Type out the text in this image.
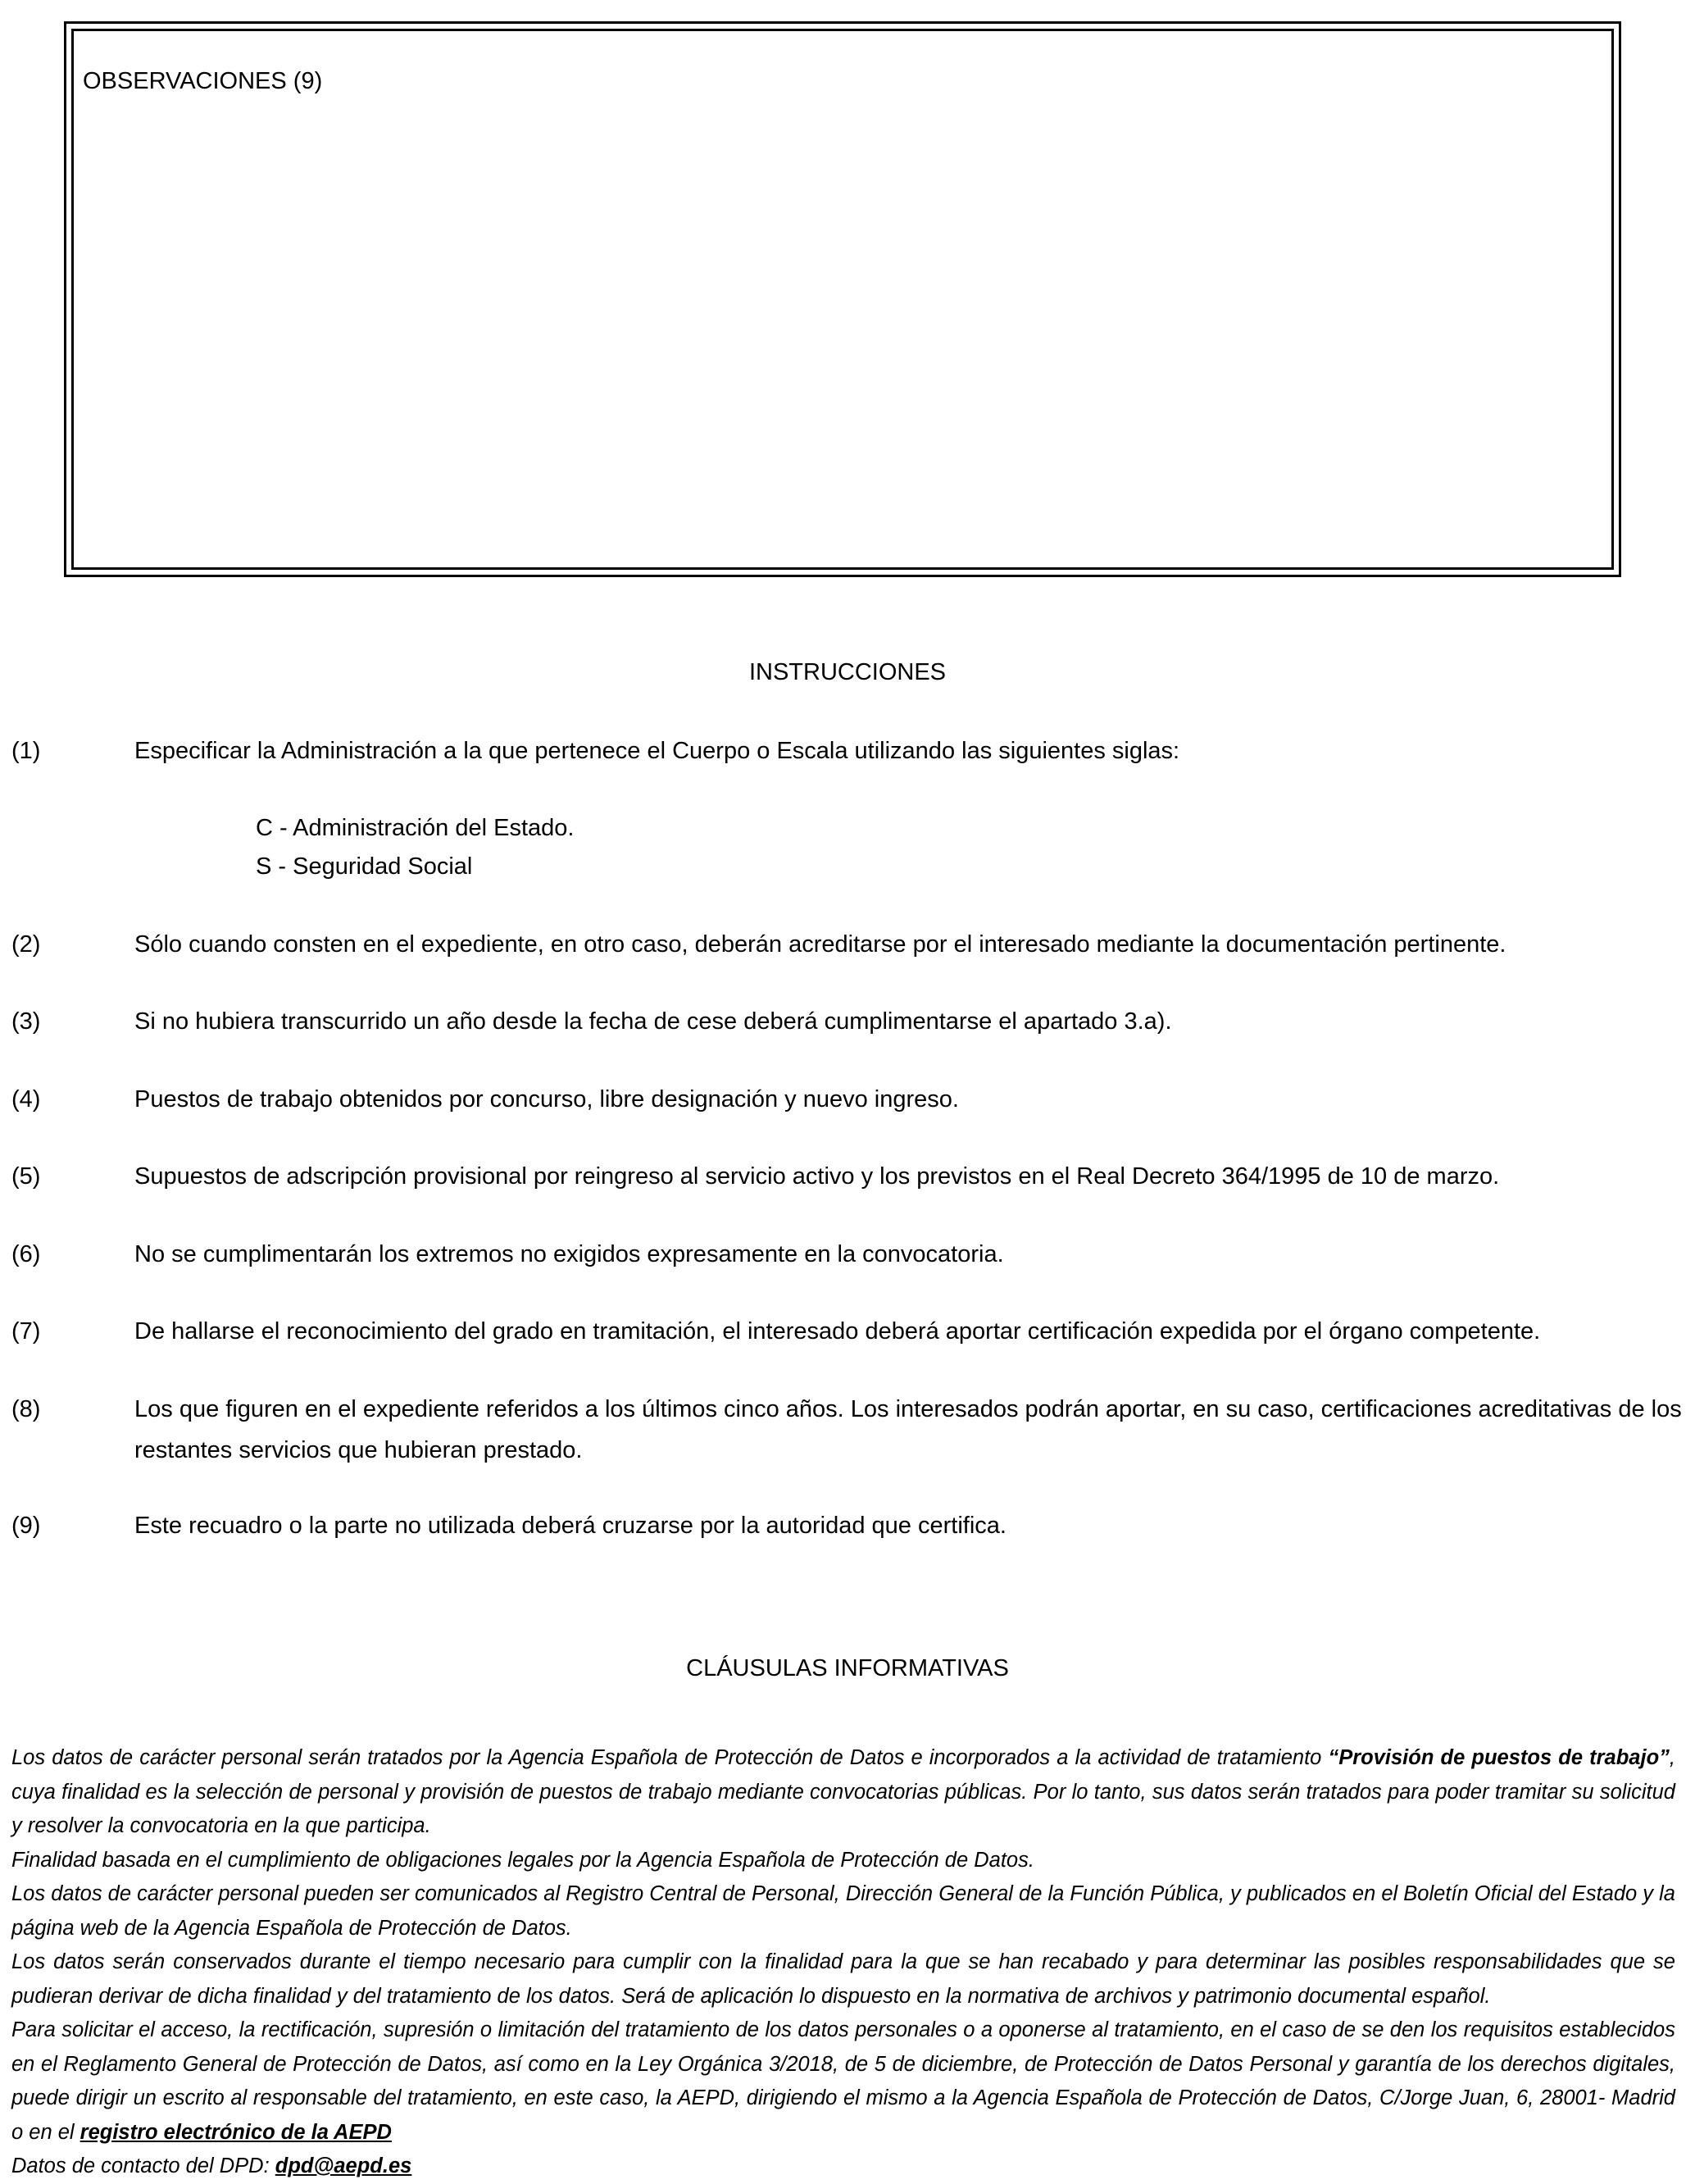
OBSERVACIONES (9)
INSTRUCCIONES
(1)	Especificar la Administración a la que pertenece el Cuerpo o Escala utilizando las siguientes siglas:
C - Administración del Estado.
S - Seguridad Social
(2)	Sólo cuando consten en el expediente, en otro caso, deberán acreditarse por el interesado mediante la documentación pertinente.
(3)	Si no hubiera transcurrido un año desde la fecha de cese deberá cumplimentarse el apartado 3.a).
(4)	Puestos de trabajo obtenidos por concurso, libre designación y nuevo ingreso.
(5)	Supuestos de adscripción provisional por reingreso al servicio activo y los previstos en el Real Decreto 364/1995 de 10 de marzo.
(6)	No se cumplimentarán los extremos no exigidos expresamente en la convocatoria.
(7)	De hallarse el reconocimiento del grado en tramitación, el interesado deberá aportar certificación expedida por el órgano competente.
(8)	Los que figuren en el expediente referidos a los últimos cinco años. Los interesados podrán aportar, en su caso, certificaciones acreditativas de los restantes servicios que hubieran prestado.
(9)	Este recuadro o la parte no utilizada deberá cruzarse por la autoridad que certifica.
CLÁUSULAS INFORMATIVAS

Los datos de carácter personal serán tratados por la Agencia Española de Protección de Datos e incorporados a la actividad de tratamiento “Provisión de puestos de trabajo”, cuya finalidad es la selección de personal y provisión de puestos de trabajo mediante convocatorias públicas. Por lo tanto, sus datos serán tratados para poder tramitar su solicitud y resolver la convocatoria en la que participa.

Finalidad basada en el cumplimiento de obligaciones legales por la Agencia Española de Protección de Datos.

Los datos de carácter personal pueden ser comunicados al Registro Central de Personal, Dirección General de la Función Pública, y publicados en el Boletín Oficial del Estado y la página web de la Agencia Española de Protección de Datos.

Los datos serán conservados durante el tiempo necesario para cumplir con la finalidad para la que se han recabado y para determinar las posibles responsabilidades que se pudieran derivar de dicha finalidad y del tratamiento de los datos. Será de aplicación lo dispuesto en la normativa de archivos y patrimonio documental español.

Para solicitar el acceso, la rectificación, supresión o limitación del tratamiento de los datos personales o a oponerse al tratamiento, en el caso de se den los requisitos establecidos en el Reglamento General de Protección de Datos, así como en la Ley Orgánica 3/2018, de 5 de diciembre, de Protección de Datos Personal y garantía de los derechos digitales, puede dirigir un escrito al responsable del tratamiento, en este caso, la AEPD, dirigiendo el mismo a la Agencia Española de Protección de Datos, C/Jorge Juan, 6, 28001- Madrid o en el registro electrónico de la AEPD

Datos de contacto del DPD: dpd@aepd.es
